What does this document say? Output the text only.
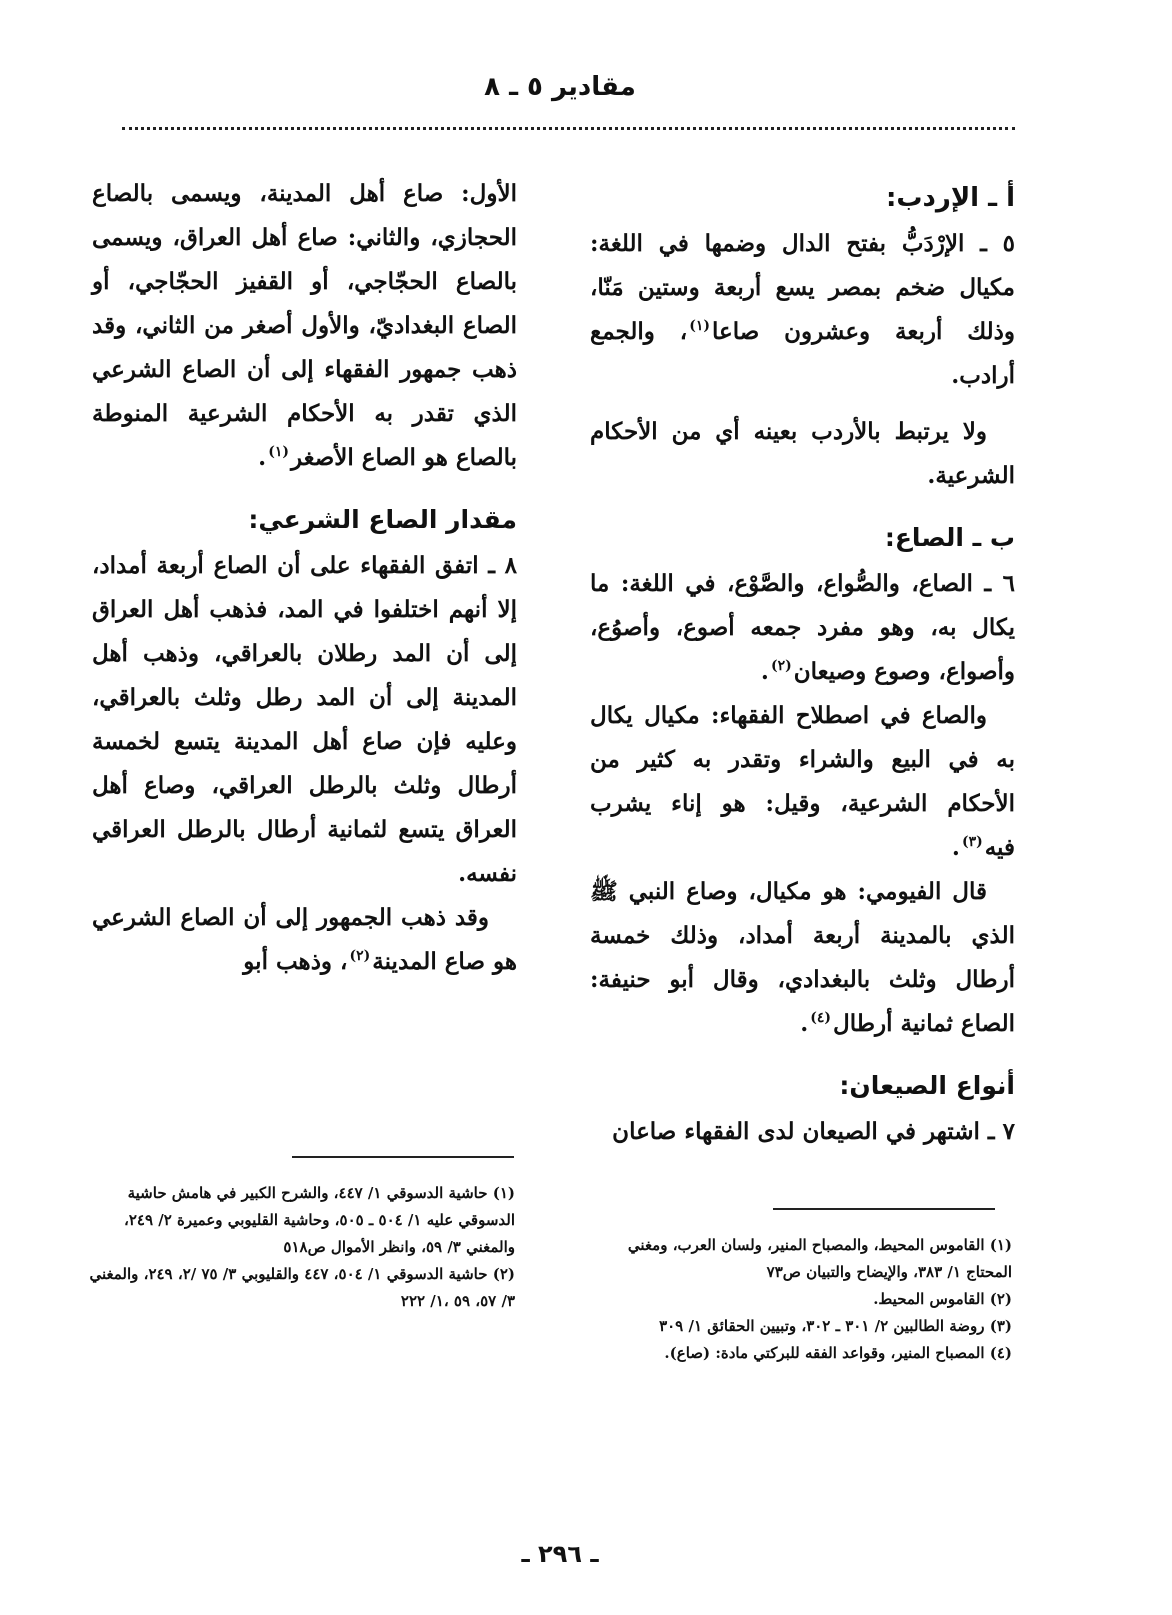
مقادير ٥ ـ ٨
أ ـ الإردب:

٥ ـ الإرْدَبُّ بفتح الدال وضمها في اللغة: مكيال ضخم بمصر يسع أربعة وستين مَنّا، وذلك أربعة وعشرون صاعا$^{(١)}$، والجمع أرادب.

ولا يرتبط بالأردب بعينه أي من الأحكام الشرعية.

ب ـ الصاع:

٦ ـ الصاع، والصُّواع، والصَّوْع، في اللغة: ما يكال به، وهو مفرد جمعه أصوع، وأصوُع، وأصواع، وصوع وصيعان$^{(٢)}$.

والصاع في اصطلاح الفقهاء: مكيال يكال به في البيع والشراء وتقدر به كثير من الأحكام الشرعية، وقيل: هو إناء يشرب فيه$^{(٣)}$.

قال الفيومي: هو مكيال، وصاع النبي ﷺ الذي بالمدينة أربعة أمداد، وذلك خمسة أرطال وثلث بالبغدادي، وقال أبو حنيفة: الصاع ثمانية أرطال$^{(٤)}$.

أنواع الصيعان:

٧ ـ اشتهر في الصيعان لدى الفقهاء صاعان

الأول: صاع أهل المدينة، ويسمى بالصاع الحجازي، والثاني: صاع أهل العراق، ويسمى بالصاع الحجّاجي، أو القفيز الحجّاجي، أو الصاع البغداديّ، والأول أصغر من الثاني، وقد ذهب جمهور الفقهاء إلى أن الصاع الشرعي الذي تقدر به الأحكام الشرعية المنوطة بالصاع هو الصاع الأصغر$^{(١)}$.

مقدار الصاع الشرعي:

٨ ـ اتفق الفقهاء على أن الصاع أربعة أمداد، إلا أنهم اختلفوا في المد، فذهب أهل العراق إلى أن المد رطلان بالعراقي، وذهب أهل المدينة إلى أن المد رطل وثلث بالعراقي، وعليه فإن صاع أهل المدينة يتسع لخمسة أرطال وثلث بالرطل العراقي، وصاع أهل العراق يتسع لثمانية أرطال بالرطل العراقي نفسه.

وقد ذهب الجمهور إلى أن الصاع الشرعي هو صاع المدينة$^{(٢)}$، وذهب أبو

(١) القاموس المحيط، والمصباح المنير، ولسان العرب، ومغني المحتاج ١/ ٣٨٣، والإيضاح والتبيان ص٧٣
(٢) القاموس المحيط.
(٣) روضة الطالبين ٢/ ٣٠١ ـ ٣٠٢، وتبيين الحقائق ١/ ٣٠٩
(٤) المصباح المنير، وقواعد الفقه للبركتي مادة: (صاع).
(١) حاشية الدسوقي ١/ ٤٤٧، والشرح الكبير في هامش حاشية الدسوقي عليه ١/ ٥٠٤ ـ ٥٠٥، وحاشية القليوبي وعميرة ٢/ ٢٤٩، والمغني ٣/ ٥٩، وانظر الأموال ص٥١٨
(٢) حاشية الدسوقي ١/ ٥٠٤، ٤٤٧ والقليوبي ٣/ ٧٥ /٢، ٢٤٩، والمغني ٣/ ٥٧، ٥٩ ،١/ ٢٢٢
ـ ٢٩٦ ـ
